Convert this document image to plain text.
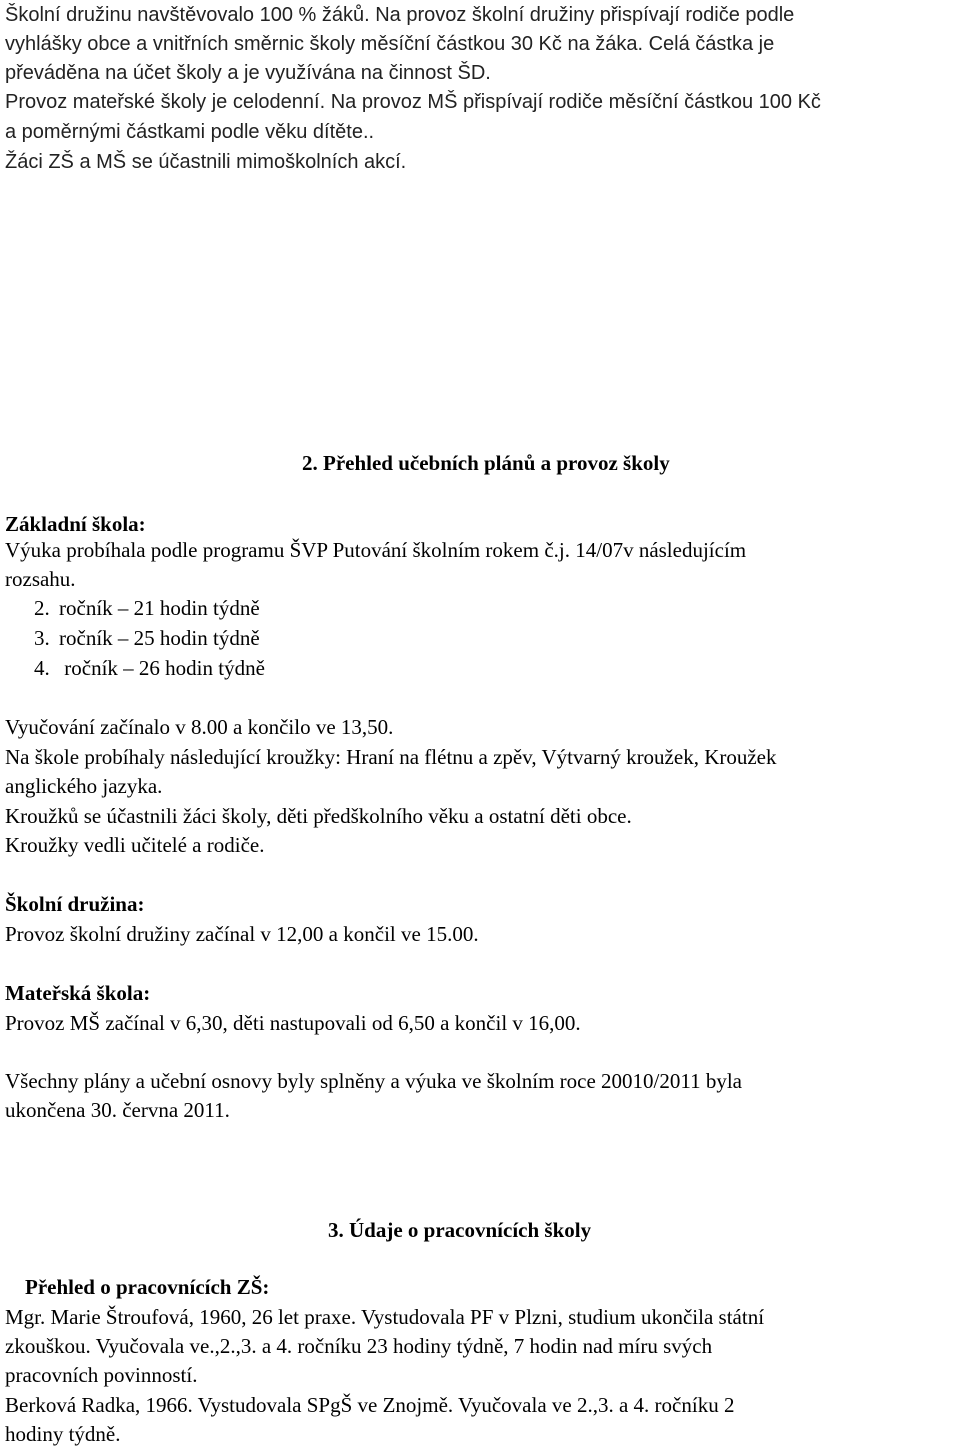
Školní družinu navštěvovalo 100 % žáků. Na provoz školní družiny přispívají rodiče podle
vyhlášky obce a vnitřních směrnic školy měsíční částkou 30 Kč na žáka. Celá částka je
převáděna na účet školy a je využívána na činnost ŠD.
Provoz mateřské školy je celodenní. Na provoz MŠ přispívají rodiče měsíční částkou 100 Kč
a poměrnými částkami podle věku dítěte..
Žáci ZŠ a MŠ se účastnili mimoškolních akcí.
2. Přehled učebních plánů a provoz školy
Základní škola:
Výuka probíhala podle programu ŠVP Putování školním rokem č.j. 14/07v následujícím
rozsahu.
2. ročník – 21 hodin týdně
3. ročník – 25 hodin týdně
4. ročník – 26 hodin týdně
Vyučování začínalo v 8.00 a končilo ve 13,50.
Na škole probíhaly následující kroužky: Hraní na flétnu a zpěv, Výtvarný kroužek, Kroužek
anglického jazyka.
Kroužků se účastnili žáci školy, děti předškolního věku a ostatní děti obce.
Kroužky vedli učitelé a rodiče.
Školní družina:
Provoz školní družiny začínal v 12,00 a končil ve 15.00.
Mateřská škola:
Provoz MŠ začínal v 6,30, děti nastupovali od 6,50 a končil v 16,00.
Všechny plány a učební osnovy byly splněny a výuka ve školním roce 20010/2011 byla
ukončena 30. června 2011.
3. Údaje o pracovnících školy
Přehled o pracovnících ZŠ:
Mgr. Marie Štroufová, 1960, 26 let praxe. Vystudovala PF v Plzni, studium ukončila státní
zkouškou. Vyučovala ve.,2.,3. a 4. ročníku 23 hodiny týdně, 7 hodin nad míru svých
pracovních povinností.
Berková Radka, 1966. Vystudovala SPgŠ ve Znojmě. Vyučovala ve 2.,3. a 4. ročníku 2
hodiny týdně.
